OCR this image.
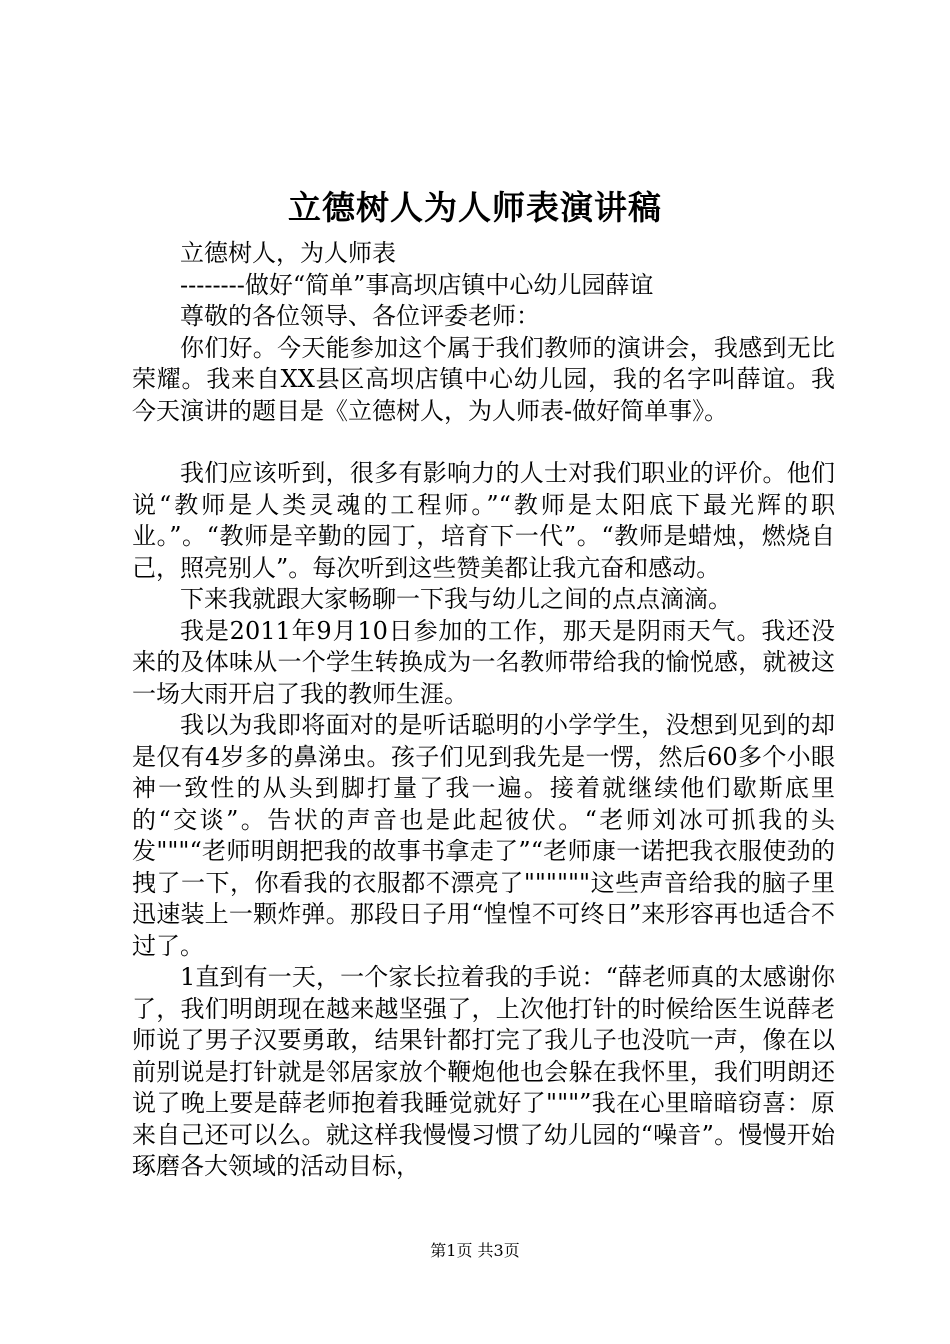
立德树人为人师表演讲稿

立德树人，为人师表

--------做好“简单”事高坝店镇中心幼儿园薛谊

尊敬的各位领导、各位评委老师：

你们好。今天能参加这个属于我们教师的演讲会，我感到无比荣耀。我来自XX县区高坝店镇中心幼儿园，我的名字叫薛谊。我今天演讲的题目是《立德树人，为人师表-做好简单事》。

我们应该听到，很多有影响力的人士对我们职业的评价。他们说“教师是人类灵魂的工程师。”“教师是太阳底下最光辉的职业。”。“教师是辛勤的园丁，培育下一代”。“教师是蜡烛，燃烧自己，照亮别人”。每次听到这些赞美都让我亢奋和感动。

下来我就跟大家畅聊一下我与幼儿之间的点点滴滴。

我是2011年9月10日参加的工作，那天是阴雨天气。我还没来的及体味从一个学生转换成为一名教师带给我的愉悦感，就被这一场大雨开启了我的教师生涯。

我以为我即将面对的是听话聪明的小学学生，没想到见到的却是仅有4岁多的鼻涕虫。孩子们见到我先是一愣，然后60多个小眼神一致性的从头到脚打量了我一遍。接着就继续他们歇斯底里的“交谈”。告状的声音也是此起彼伏。“老师刘冰可抓我的头发"""“老师明朗把我的故事书拿走了”“老师康一诺把我衣服使劲的拽了一下，你看我的衣服都不漂亮了""""""这些声音给我的脑子里迅速装上一颗炸弹。那段日子用“惶惶不可终日”来形容再也适合不过了。

1直到有一天，一个家长拉着我的手说：“薛老师真的太感谢你了，我们明朗现在越来越坚强了，上次他打针的时候给医生说薛老师说了男子汉要勇敢，结果针都打完了我儿子也没吭一声，像在以前别说是打针就是邻居家放个鞭炮他也会躲在我怀里，我们明朗还说了晚上要是薛老师抱着我睡觉就好了"""”我在心里暗暗窃喜：原来自己还可以么。就这样我慢慢习惯了幼儿园的“噪音”。慢慢开始琢磨各大领域的活动目标，

第1页 共3页
